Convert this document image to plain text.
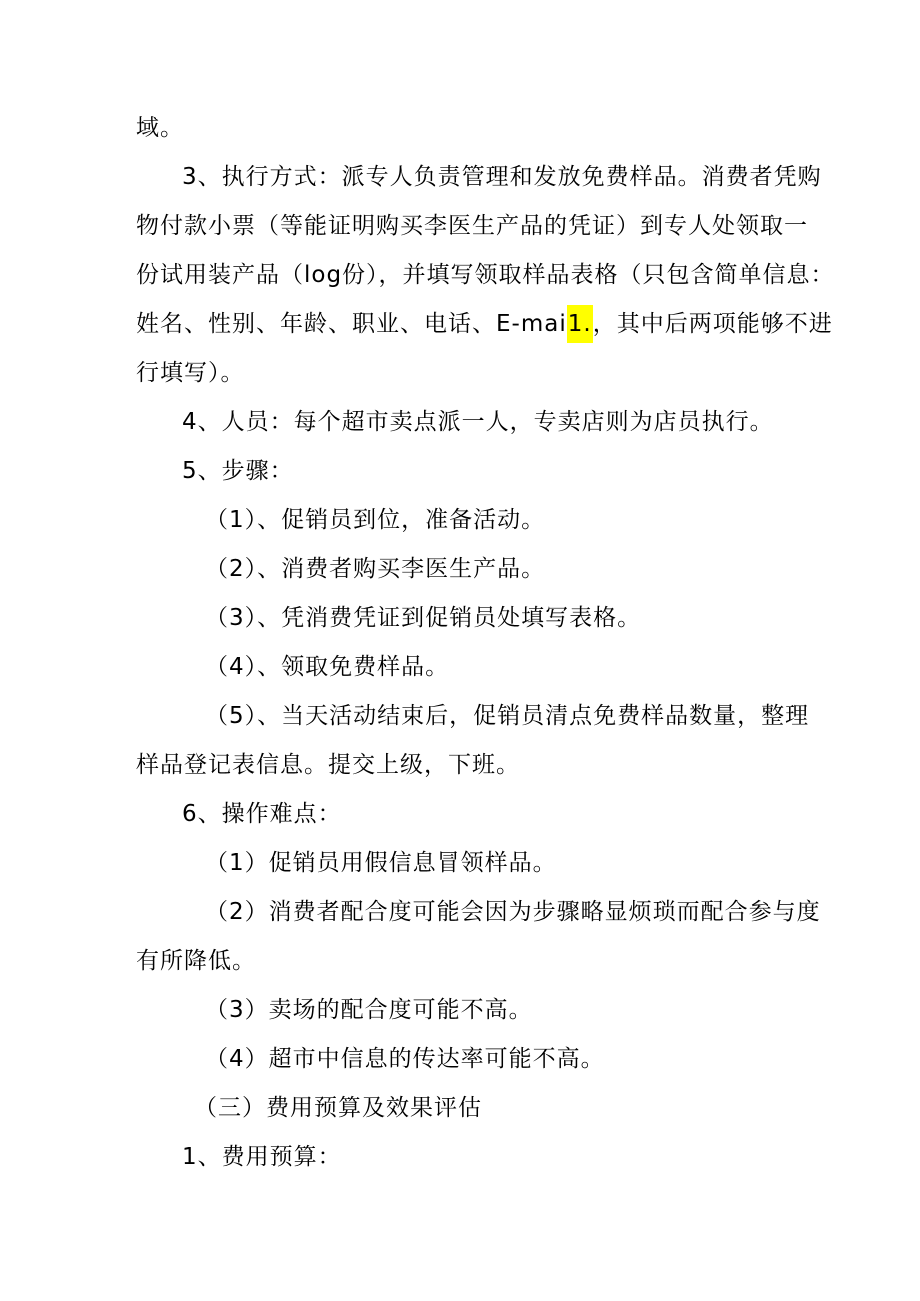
域。
3、执行方式：派专人负责管理和发放免费样品。消费者凭购
物付款小票（等能证明购买李医生产品的凭证）到专人处领取一
份试用装产品（log份），并填写领取样品表格（只包含简单信息：
姓名、性别、年龄、职业、电话、E-mai1.，其中后两项能够不进
行填写）。
4、人员：每个超市卖点派一人，专卖店则为店员执行。
5、步骤：
（1）、促销员到位，准备活动。
（2）、消费者购买李医生产品。
（3）、凭消费凭证到促销员处填写表格。
（4）、领取免费样品。
（5）、当天活动结束后，促销员清点免费样品数量，整理
样品登记表信息。提交上级，下班。
6、操作难点：
（1）促销员用假信息冒领样品。
（2）消费者配合度可能会因为步骤略显烦琐而配合参与度
有所降低。
（3）卖场的配合度可能不高。
（4）超市中信息的传达率可能不高。
（三）费用预算及效果评估
1、费用预算：
